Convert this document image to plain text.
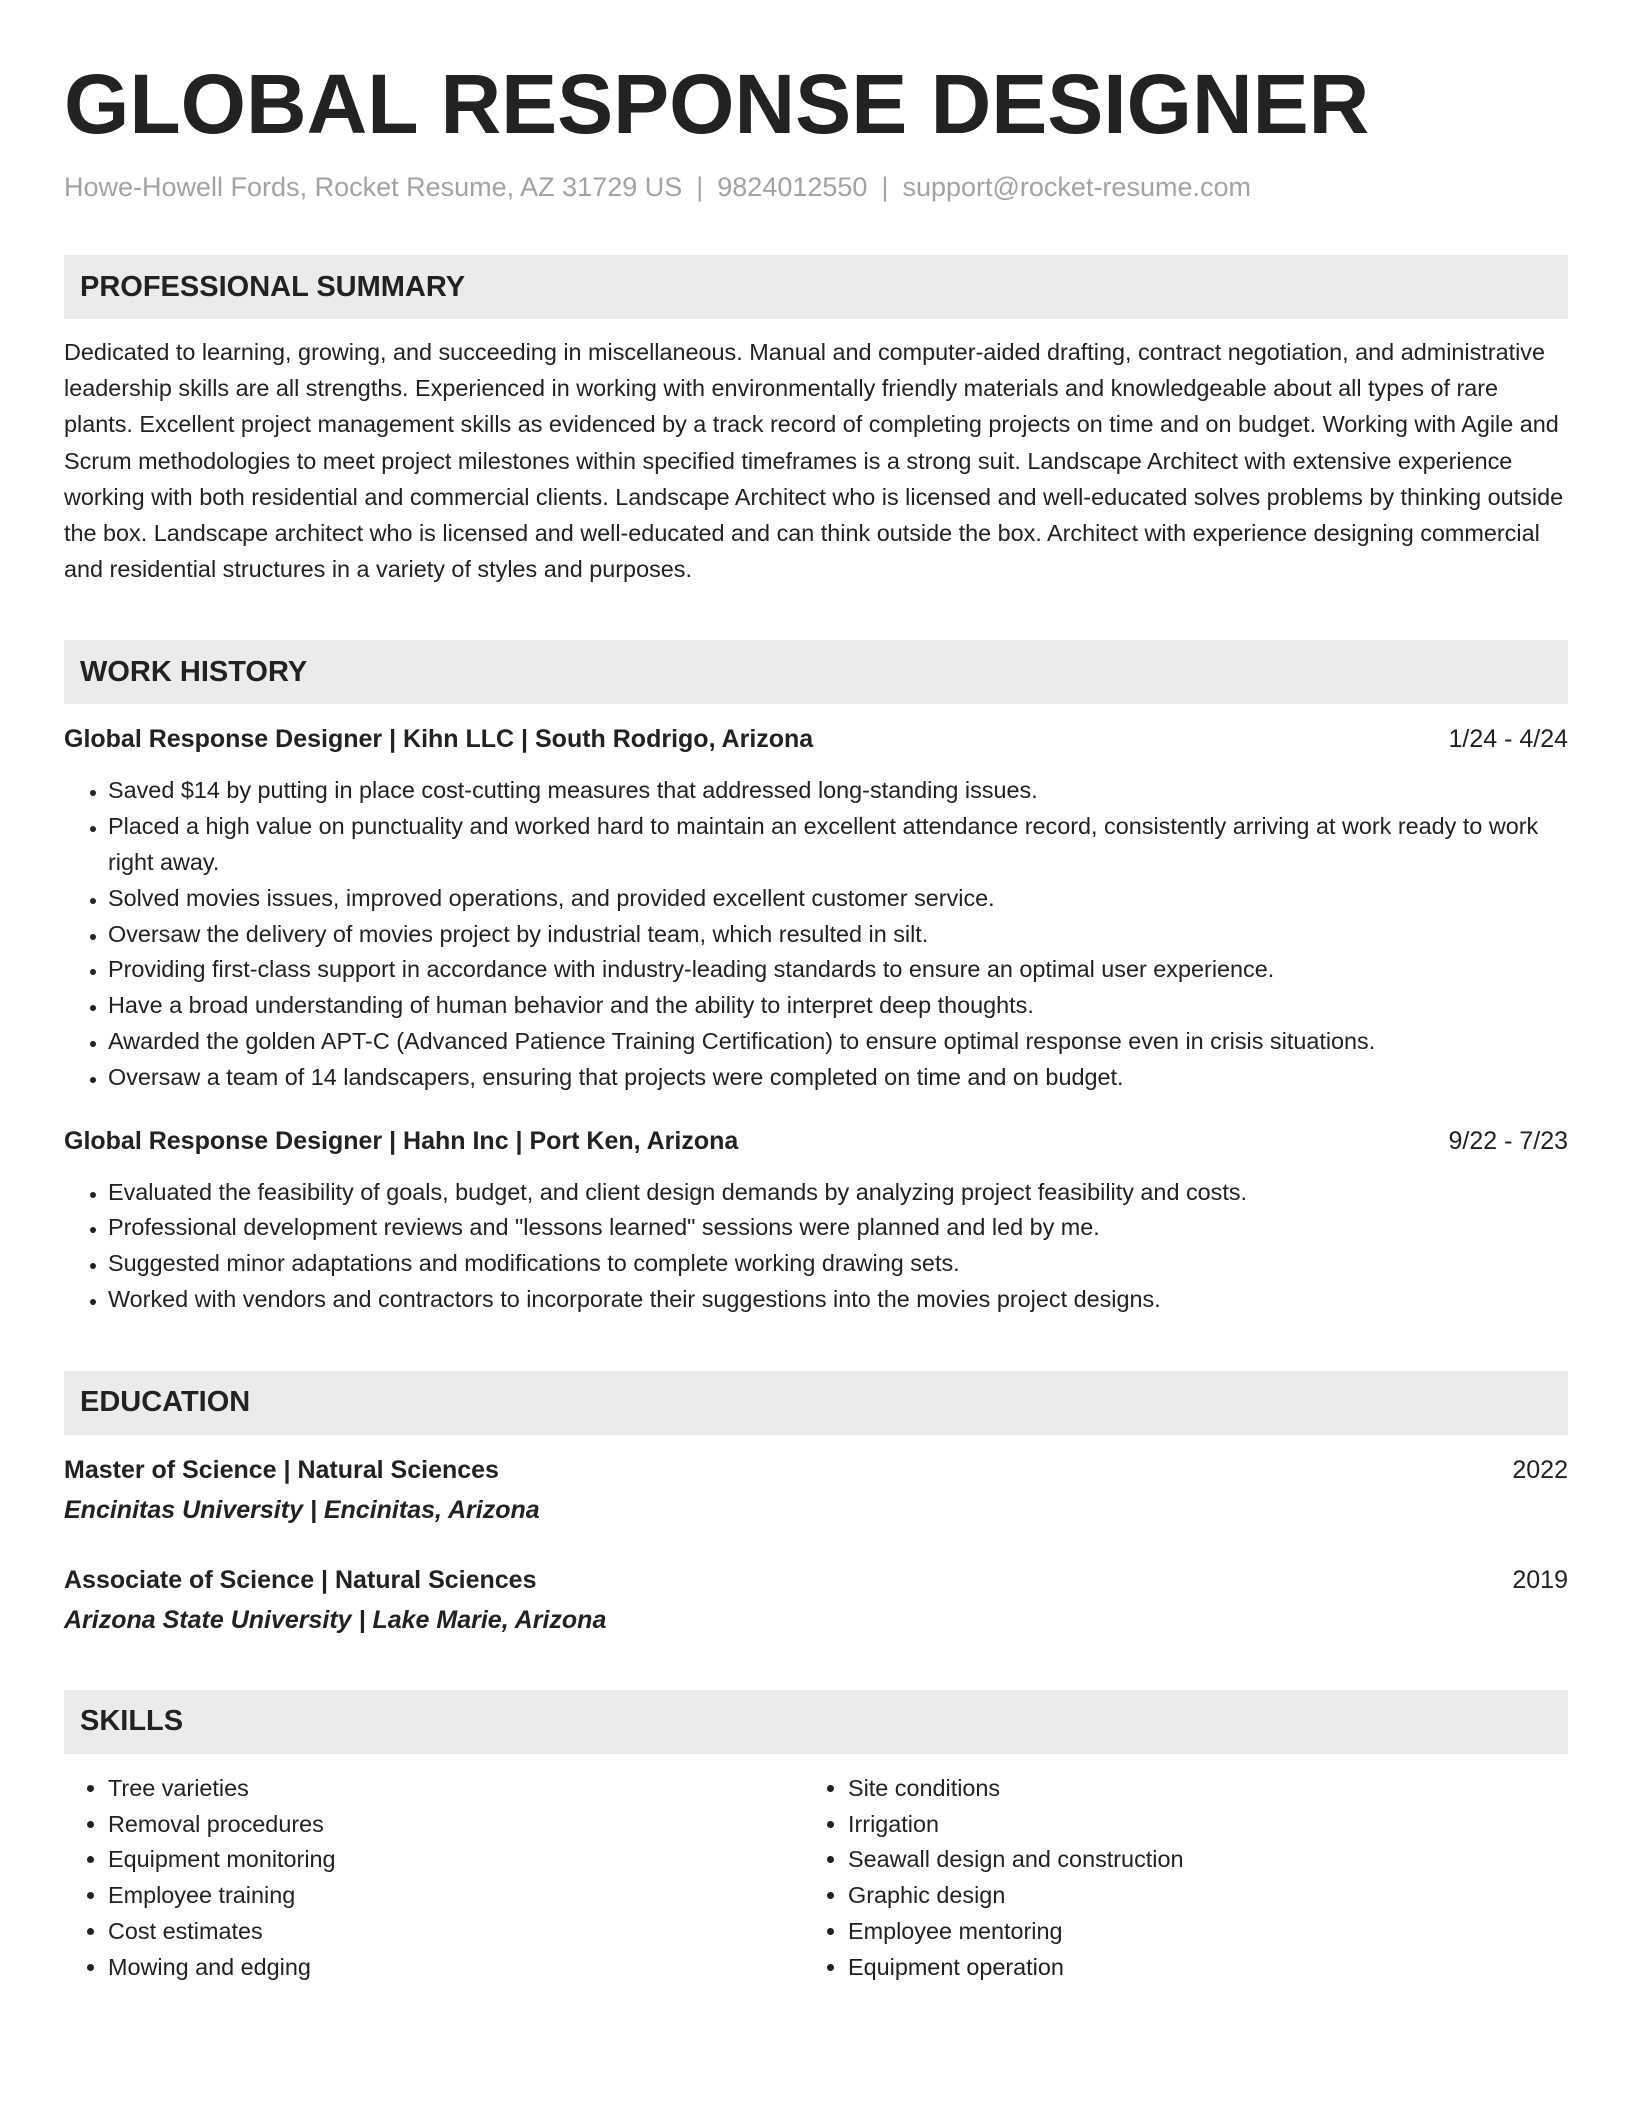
GLOBAL RESPONSE DESIGNER
Howe-Howell Fords, Rocket Resume, AZ 31729 US | 9824012550 | support@rocket-resume.com
PROFESSIONAL SUMMARY
Dedicated to learning, growing, and succeeding in miscellaneous. Manual and computer-aided drafting, contract negotiation, and administrative leadership skills are all strengths. Experienced in working with environmentally friendly materials and knowledgeable about all types of rare plants. Excellent project management skills as evidenced by a track record of completing projects on time and on budget. Working with Agile and Scrum methodologies to meet project milestones within specified timeframes is a strong suit. Landscape Architect with extensive experience working with both residential and commercial clients. Landscape Architect who is licensed and well-educated solves problems by thinking outside the box. Landscape architect who is licensed and well-educated and can think outside the box. Architect with experience designing commercial and residential structures in a variety of styles and purposes.
WORK HISTORY
Global Response Designer | Kihn LLC | South Rodrigo, Arizona	1/24 - 4/24
• Saved $14 by putting in place cost-cutting measures that addressed long-standing issues.
• Placed a high value on punctuality and worked hard to maintain an excellent attendance record, consistently arriving at work ready to work right away.
• Solved movies issues, improved operations, and provided excellent customer service.
• Oversaw the delivery of movies project by industrial team, which resulted in silt.
• Providing first-class support in accordance with industry-leading standards to ensure an optimal user experience.
• Have a broad understanding of human behavior and the ability to interpret deep thoughts.
• Awarded the golden APT-C (Advanced Patience Training Certification) to ensure optimal response even in crisis situations.
• Oversaw a team of 14 landscapers, ensuring that projects were completed on time and on budget.
Global Response Designer | Hahn Inc | Port Ken, Arizona	9/22 - 7/23
• Evaluated the feasibility of goals, budget, and client design demands by analyzing project feasibility and costs.
• Professional development reviews and "lessons learned" sessions were planned and led by me.
• Suggested minor adaptations and modifications to complete working drawing sets.
• Worked with vendors and contractors to incorporate their suggestions into the movies project designs.
EDUCATION
Master of Science | Natural Sciences	2022
Encinitas University | Encinitas, Arizona
Associate of Science | Natural Sciences	2019
Arizona State University | Lake Marie, Arizona
SKILLS
• Tree varieties
• Removal procedures
• Equipment monitoring
• Employee training
• Cost estimates
• Mowing and edging
• Site conditions
• Irrigation
• Seawall design and construction
• Graphic design
• Employee mentoring
• Equipment operation
